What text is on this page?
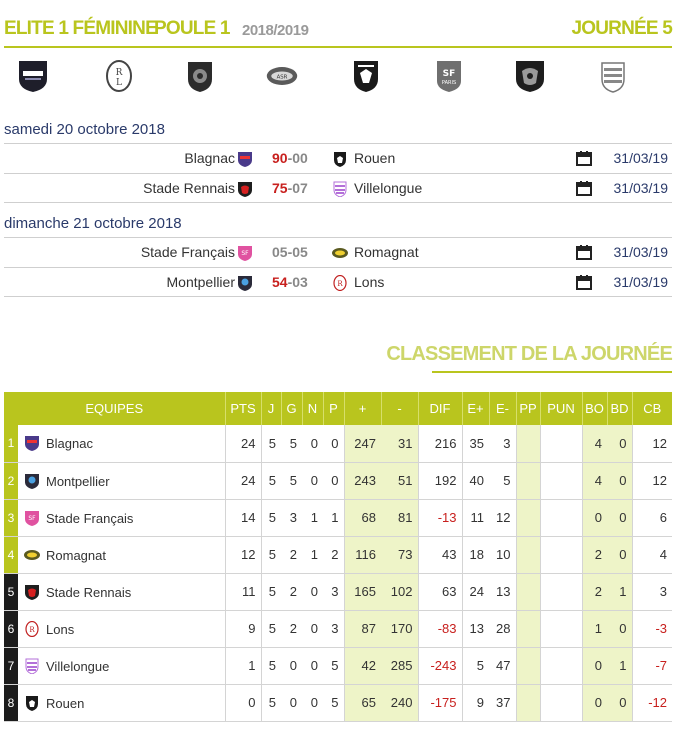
ELITE 1 FÉMININE
POULE 1 2018/2019	JOURNÉE 5
R
L
ASR	SF
PARIS
samedi 20 octobre 2018
Blagnac	90-00	Rouen	31/03/19
Stade Rennais	75-07	Villelongue	31/03/19
dimanche 21 octobre 2018
Stade Français SF 05-05	Romagnat	31/03/19
Montpellier	54-03	R Lons	31/03/19
CLASSEMENT DE LA JOURNÉE
EQUIPES		PTS	J	G	N	P	+	-	DIF	E+	E-	PP	PUN	BO	BD	CB
1	Blagnac	24	5	5	0	0	247	31	216	35	3			4	0	12
2	Montpellier	24	5	5	0	0	243	51	192	40	5			4	0	12
3	SF Stade Français	14	5	3	1	1	68	81	-13	11	12			0	0	6
4	Romagnat	12	5	2	1	2	116	73	43	18	10			2	0	4
5	Stade Rennais	11	5	2	0	3	165	102	63	24	13			2	1	3
6	R Lons	9	5	2	0	3	87	170	-83	13	28			1	0	-3
7	Villelongue	1	5	0	0	5	42	285	-243	5	47			0	1	-7
8	Rouen	0	5	0	0	5	65	240	-175	9	37			0	0	-12
